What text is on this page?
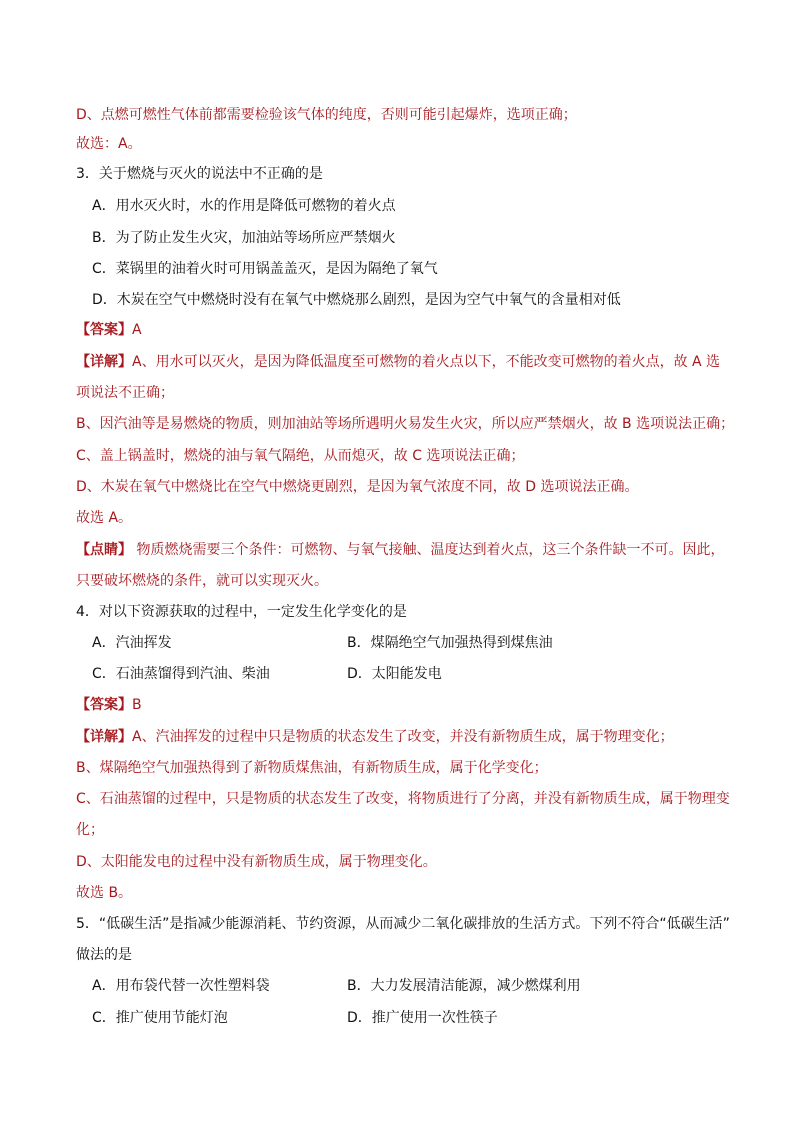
D、点燃可燃性气体前都需要检验该气体的纯度，否则可能引起爆炸，选项正确；
故选：A。
3．关于燃烧与灭火的说法中不正确的是
A．用水灭火时，水的作用是降低可燃物的着火点
B．为了防止发生火灾，加油站等场所应严禁烟火
C．菜锅里的油着火时可用锅盖盖灭，是因为隔绝了氧气
D．木炭在空气中燃烧时没有在氧气中燃烧那么剧烈，是因为空气中氧气的含量相对低
【答案】A
【详解】A、用水可以灭火，是因为降低温度至可燃物的着火点以下，不能改变可燃物的着火点，故 A 选
项说法不正确；
B、因汽油等是易燃烧的物质，则加油站等场所遇明火易发生火灾，所以应严禁烟火，故 B 选项说法正确；
C、盖上锅盖时，燃烧的油与氧气隔绝，从而熄灭，故 C 选项说法正确；
D、木炭在氧气中燃烧比在空气中燃烧更剧烈，是因为氧气浓度不同，故 D 选项说法正确。
故选 A。
【点睛】 物质燃烧需要三个条件：可燃物、与氧气接触、温度达到着火点，这三个条件缺一不可。因此，
只要破坏燃烧的条件，就可以实现灭火。
4．对以下资源获取的过程中，一定发生化学变化的是
A．汽油挥发	B．煤隔绝空气加强热得到煤焦油
C．石油蒸馏得到汽油、柴油	D．太阳能发电
【答案】B
【详解】A、汽油挥发的过程中只是物质的状态发生了改变，并没有新物质生成，属于物理变化；
B、煤隔绝空气加强热得到了新物质煤焦油，有新物质生成，属于化学变化；
C、石油蒸馏的过程中，只是物质的状态发生了改变，将物质进行了分离，并没有新物质生成，属于物理变
化；
D、太阳能发电的过程中没有新物质生成，属于物理变化。
故选 B。
5．“低碳生活”是指减少能源消耗、节约资源，从而减少二氧化碳排放的生活方式。下列不符合“低碳生活”
做法的是
A．用布袋代替一次性塑料袋	B．大力发展清洁能源，减少燃煤利用
C．推广使用节能灯泡	D．推广使用一次性筷子
